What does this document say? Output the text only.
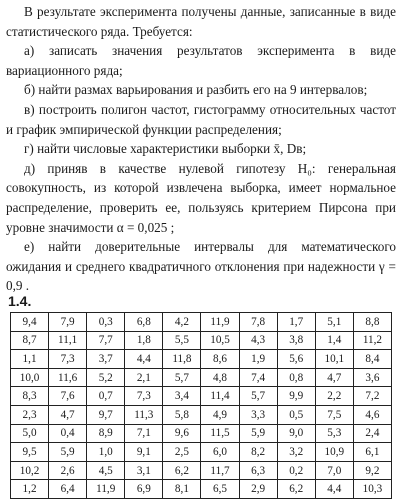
В результате эксперимента получены данные, записанные в виде статистического ряда. Требуется:

а) записать значения результатов эксперимента в виде вариационного ряда;

б) найти размах варьирования и разбить его на 9 интервалов;

в) построить полигон частот, гистограмму относительных частот и график эмпирической функции распределения;

г) найти числовые характеристики выборки x̄, Dв;

д) приняв в качестве нулевой гипотезу H₀: генеральная совокупность, из которой извлечена выборка, имеет нормальное распределение, проверить ее, пользуясь критерием Пирсона при уровне значимости α = 0,025 ;

е) найти доверительные интервалы для математического ожидания и среднего квадратичного отклонения при надежности γ = 0,9 .

1.4.
9,4	7,9	0,3	6,8	4,2	11,9	7,8	1,7	5,1	8,8
8,7	11,1	7,7	1,8	5,5	10,5	4,3	3,8	1,4	11,2
1,1	7,3	3,7	4,4	11,8	8,6	1,9	5,6	10,1	8,4
10,0	11,6	5,2	2,1	5,7	4,8	7,4	0,8	4,7	3,6
8,3	7,6	0,7	7,3	3,4	11,4	5,7	9,9	2,2	7,2
2,3	4,7	9,7	11,3	5,8	4,9	3,3	0,5	7,5	4,6
5,0	0,4	8,9	7,1	9,6	11,5	5,9	9,0	5,3	2,4
9,5	5,9	1,0	9,1	2,5	6,0	8,2	3,2	10,9	6,1
10,2	2,6	4,5	3,1	6,2	11,7	6,3	0,2	7,0	9,2
1,2	6,4	11,9	6,9	8,1	6,5	2,9	6,2	4,4	10,3
